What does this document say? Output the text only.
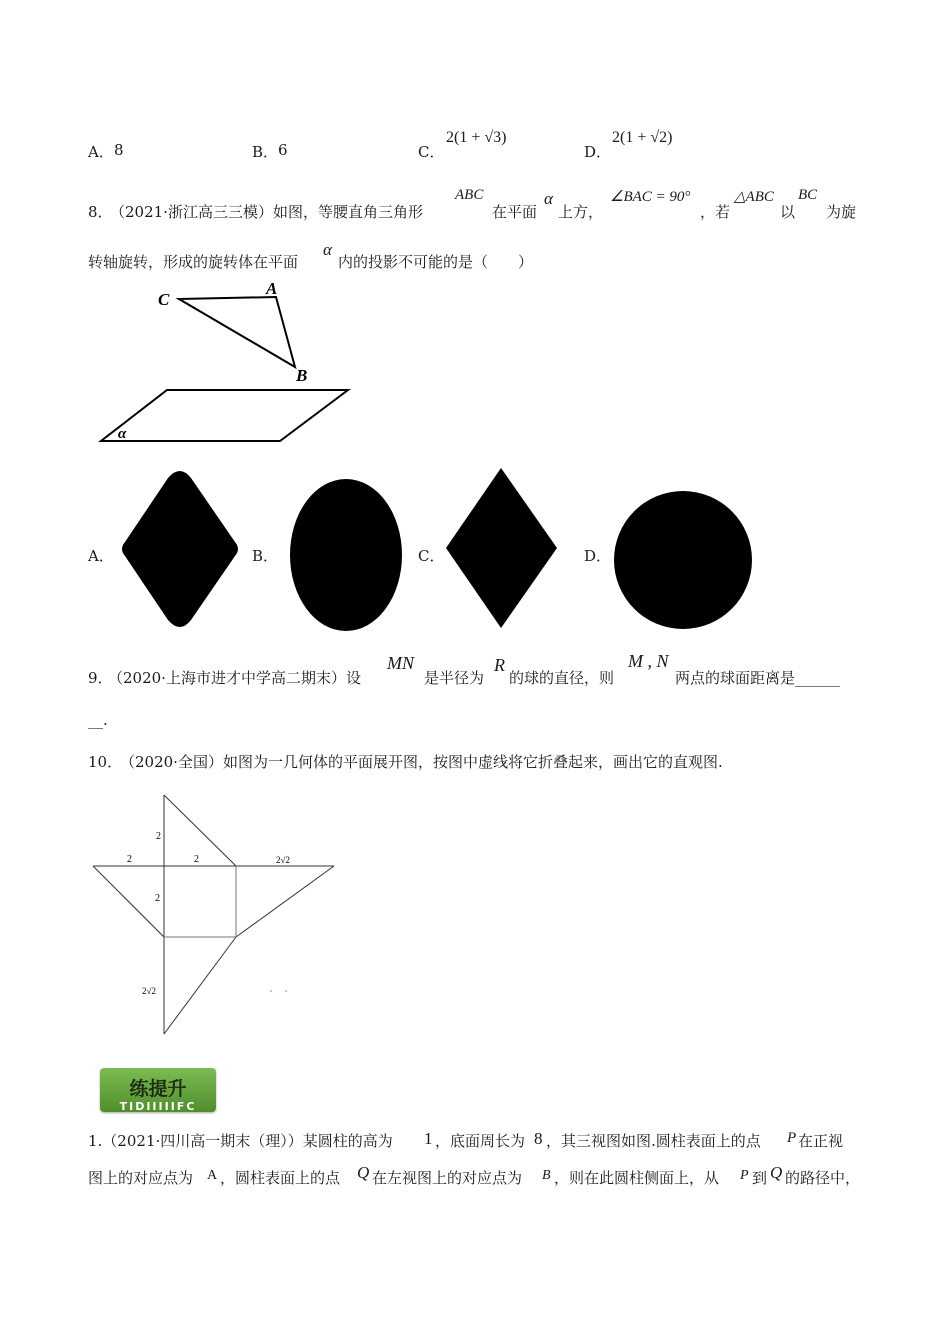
A． 8	B． 6	C．
2(1 + √3)
D．
2(1 + √2)
8．
（2021·浙江高三三模）如图，等腰直角三角形
ABC
在平面
α
上方，
∠BAC = 90°
，若
△ABC
以
BC
为旋
转轴旋转，形成的旋转体在平面
α
内的投影不可能的是（　　）
C
A
B
α
A．	B．	C．	D．
9．
（2020·上海市进才中学高二期末）设
MN
是半径为
R
的球的直径，则
M , N
两点的球面距离是______
__.
10．
（2020·全国）如图为一几何体的平面展开图，按图中虚线将它折叠起来，画出它的直观图.
2
2	2	2√2
2
2√2
练提升
TIDIIIIIFC
1.（2021·四川高一期末（理））某圆柱的高为 1 ，底面周长为 8 ，其三视图如图.圆柱表面上的点 P 在正视
图上的对应点为 A ，圆柱表面上的点 Q 在左视图上的对应点为 B ，则在此圆柱侧面上，从 P 到 Q 的路径中，
